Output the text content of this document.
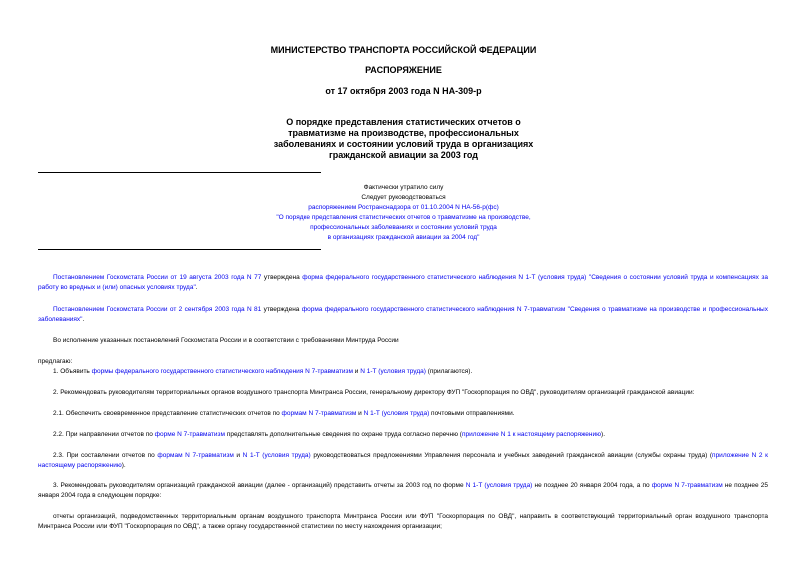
МИНИСТЕРСТВО ТРАНСПОРТА РОССИЙСКОЙ ФЕДЕРАЦИИ
РАСПОРЯЖЕНИЕ
от 17 октября 2003 года N НА-309-р
О порядке представления статистических отчетов о
травматизме на производстве, профессиональных
заболеваниях и состоянии условий труда в организациях
гражданской авиации за 2003 год
Фактически утратило силу
Следует руководствоваться
распоряжением Ространснадзора от 01.10.2004 N НА-56-р(фс)
"О порядке представления статистических отчетов о травматизме на производстве,
профессиональных заболеваниях и состоянии условий труда
в организациях гражданской авиации за 2004 год"
Постановлением Госкомстата России от 19 августа 2003 года N 77 утверждена форма федерального государственного статистического наблюдения N 1-Т (условия труда) "Сведения о состоянии условий труда и компенсациях за работу во вредных и (или) опасных условиях труда".
Постановлением Госкомстата России от 2 сентября 2003 года N 81 утверждена форма федерального государственного статистического наблюдения N 7-травматизм "Сведения о травматизме на производстве и профессиональных заболеваниях".
Во исполнение указанных постановлений Госкомстата России и в соответствии с требованиями Минтруда России
предлагаю:
1. Объявить формы федерального государственного статистического наблюдения N 7-травматизм и N 1-Т (условия труда) (прилагаются).
2. Рекомендовать руководителям территориальных органов воздушного транспорта Минтранса России, генеральному директору ФУП "Госкорпорация по ОВД", руководителям организаций гражданской авиации:
2.1. Обеспечить своевременное представление статистических отчетов по формам N 7-травматизм и N 1-Т (условия труда) почтовыми отправлениями.
2.2. При направлении отчетов по форме N 7-травматизм представлять дополнительные сведения по охране труда согласно перечню (приложение N 1 к настоящему распоряжению).
2.3. При составлении отчетов по формам N 7-травматизм и N 1-Т (условия труда) руководствоваться предложениями Управления персонала и учебных заведений гражданской авиации (службы охраны труда) (приложение N 2 к настоящему распоряжению).
3. Рекомендовать руководителям организаций гражданской авиации (далее - организаций) представить отчеты за 2003 год по форме N 1-Т (условия труда) не позднее 20 января 2004 года, а по форме N 7-травматизм не позднее 25 января 2004 года в следующем порядке:
отчеты организаций, подведомственных территориальным органам воздушного транспорта Минтранса России или ФУП "Госкорпорация по ОВД", направить в соответствующий территориальный орган воздушного транспорта Минтранса России или ФУП "Госкорпорация по ОВД", а также органу государственной статистики по месту нахождения организации;
